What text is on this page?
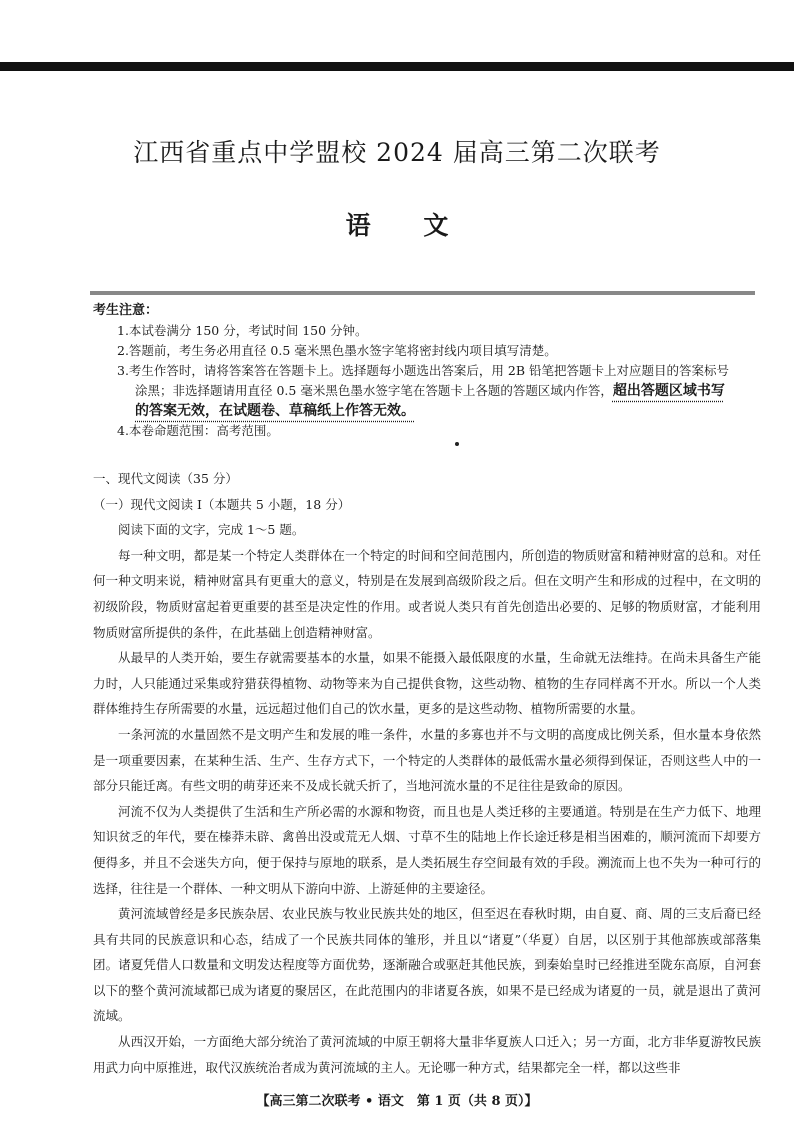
江西省重点中学盟校 2024 届高三第二次联考
语 文
考生注意：
1.本试卷满分 150 分，考试时间 150 分钟。
2.答题前，考生务必用直径 0.5 毫米黑色墨水签字笔将密封线内项目填写清楚。
3.考生作答时，请将答案答在答题卡上。选择题每小题选出答案后，用 2B 铅笔把答题卡上对应题目的答案标号
涂黑；非选择题请用直径 0.5 毫米黑色墨水签字笔在答题卡上各题的答题区域内作答，超出答题区域书写
的答案无效，在试题卷、草稿纸上作答无效。
4.本卷命题范围：高考范围。

一、现代文阅读（35 分）

（一）现代文阅读 Ⅰ（本题共 5 小题，18 分）

阅读下面的文字，完成 1～5 题。

每一种文明，都是某一个特定人类群体在一个特定的时间和空间范围内，所创造的物质财富和精神财富的总和。对任何一种文明来说，精神财富具有更重大的意义，特别是在发展到高级阶段之后。但在文明产生和形成的过程中，在文明的初级阶段，物质财富起着更重要的甚至是决定性的作用。或者说人类只有首先创造出必要的、足够的物质财富，才能利用物质财富所提供的条件，在此基础上创造精神财富。

从最早的人类开始，要生存就需要基本的水量，如果不能摄入最低限度的水量，生命就无法维持。在尚未具备生产能力时，人只能通过采集或狩猎获得植物、动物等来为自己提供食物，这些动物、植物的生存同样离不开水。所以一个人类群体维持生存所需要的水量，远远超过他们自己的饮水量，更多的是这些动物、植物所需要的水量。

一条河流的水量固然不是文明产生和发展的唯一条件，水量的多寡也并不与文明的高度成比例关系，但水量本身依然是一项重要因素，在某种生活、生产、生存方式下，一个特定的人类群体的最低需水量必须得到保证，否则这些人中的一部分只能迁离。有些文明的萌芽还来不及成长就夭折了，当地河流水量的不足往往是致命的原因。

河流不仅为人类提供了生活和生产所必需的水源和物资，而且也是人类迁移的主要通道。特别是在生产力低下、地理知识贫乏的年代，要在榛莽未辟、禽兽出没或荒无人烟、寸草不生的陆地上作长途迁移是相当困难的，顺河流而下却要方便得多，并且不会迷失方向，便于保持与原地的联系，是人类拓展生存空间最有效的手段。溯流而上也不失为一种可行的选择，往往是一个群体、一种文明从下游向中游、上游延伸的主要途径。

黄河流域曾经是多民族杂居、农业民族与牧业民族共处的地区，但至迟在春秋时期，由自夏、商、周的三支后裔已经具有共同的民族意识和心态，结成了一个民族共同体的雏形，并且以“诸夏”（华夏）自居，以区别于其他部族或部落集团。诸夏凭借人口数量和文明发达程度等方面优势，逐渐融合或驱赶其他民族，到秦始皇时已经推进至陇东高原，自河套以下的整个黄河流域都已成为诸夏的聚居区，在此范围内的非诸夏各族，如果不是已经成为诸夏的一员，就是退出了黄河流域。

从西汉开始，一方面绝大部分统治了黄河流域的中原王朝将大量非华夏族人口迁入；另一方面，北方非华夏游牧民族用武力向中原推进，取代汉族统治者成为黄河流域的主人。无论哪一种方式，结果都完全一样，都以这些非

【高三第二次联考 • 语文　第 1 页（共 8 页）】
